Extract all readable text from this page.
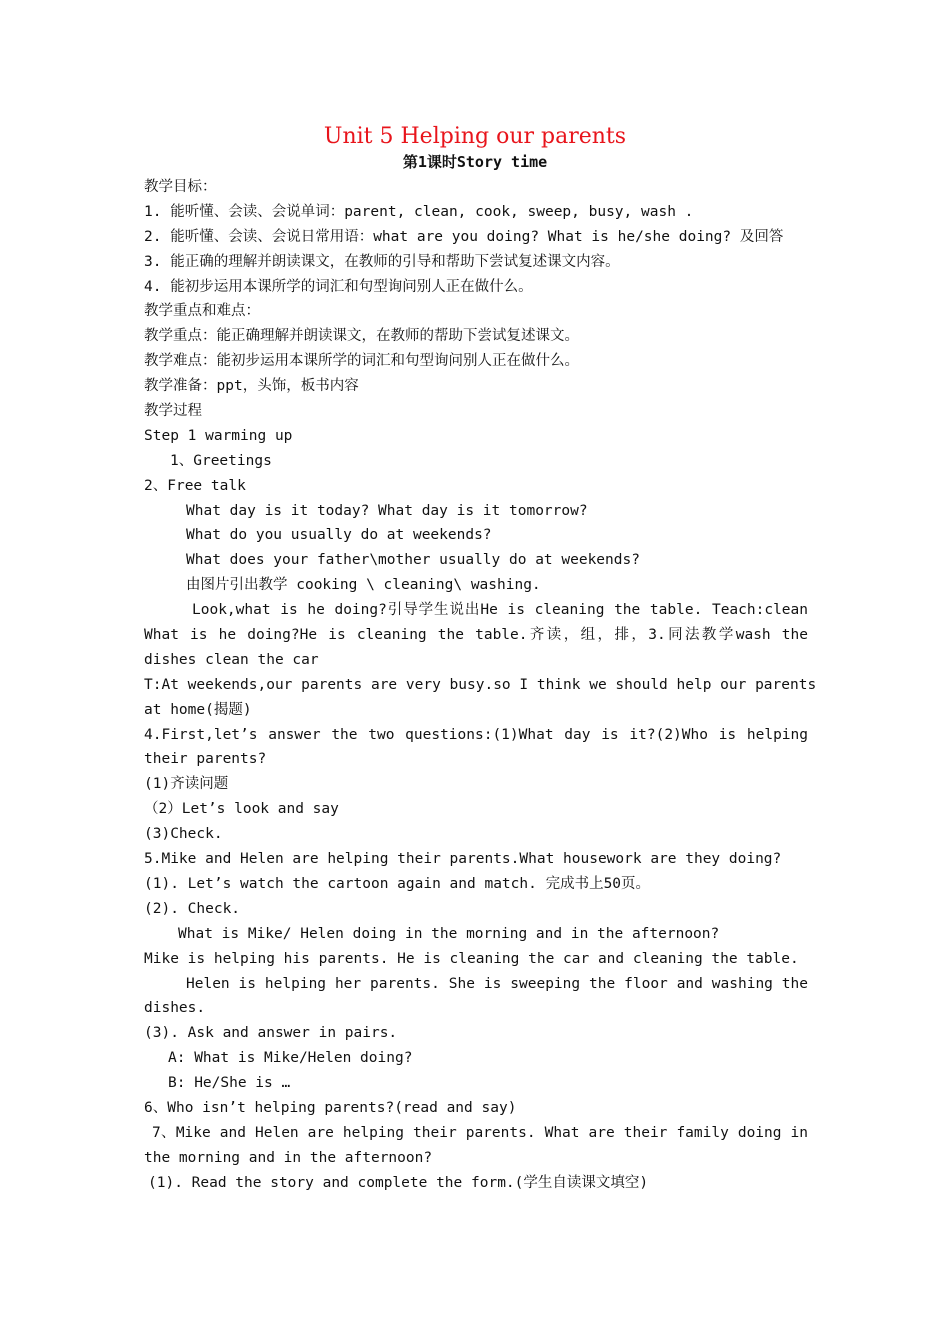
Unit 5 Helping our parents
第1课时Story time
教学目标：
1. 能听懂、会读、会说单词：parent, clean, cook, sweep, busy, wash .
2. 能听懂、会读、会说日常用语：what are you doing? What is he/she doing? 及回答
3. 能正确的理解并朗读课文，在教师的引导和帮助下尝试复述课文内容。
4. 能初步运用本课所学的词汇和句型询问别人正在做什么。
教学重点和难点：
教学重点：能正确理解并朗读课文，在教师的帮助下尝试复述课文。
教学难点：能初步运用本课所学的词汇和句型询问别人正在做什么。
教学准备：ppt，头饰，板书内容
教学过程
Step 1 warming up
1、Greetings
2、Free talk
What day is it today? What day is it tomorrow?
What do you usually do at weekends?
What does your father\mother usually do at weekends?
由图片引出教学 cooking \ cleaning\ washing.
Look,what is he doing?引导学生说出He is cleaning the table. Teach:clean
What is he doing?He is cleaning the table.齐读，组，排，3.同法教学wash the
dishes clean the car
T:At weekends,our parents are very busy.so I think we should help our parents
at home(揭题)
4.First,let’s answer the two questions:(1)What day is it?(2)Who is helping
their parents?
(1)齐读问题
（2）Let’s look and say
(3)Check.
5.Mike and Helen are helping their parents.What housework are they doing?
(1). Let’s watch the cartoon again and match. 完成书上50页。
(2). Check.
What is Mike/ Helen doing in the morning and in the afternoon?
Mike is helping his parents. He is cleaning the car and cleaning the table.
Helen is helping her parents. She is sweeping the floor and washing the
dishes.
(3). Ask and answer in pairs.
A: What is Mike/Helen doing?
B: He/She is …
6、Who isn’t helping parents?(read and say)
7、Mike and Helen are helping their parents. What are their family doing in
the morning and in the afternoon?
(1). Read the story and complete the form.(学生自读课文填空)
